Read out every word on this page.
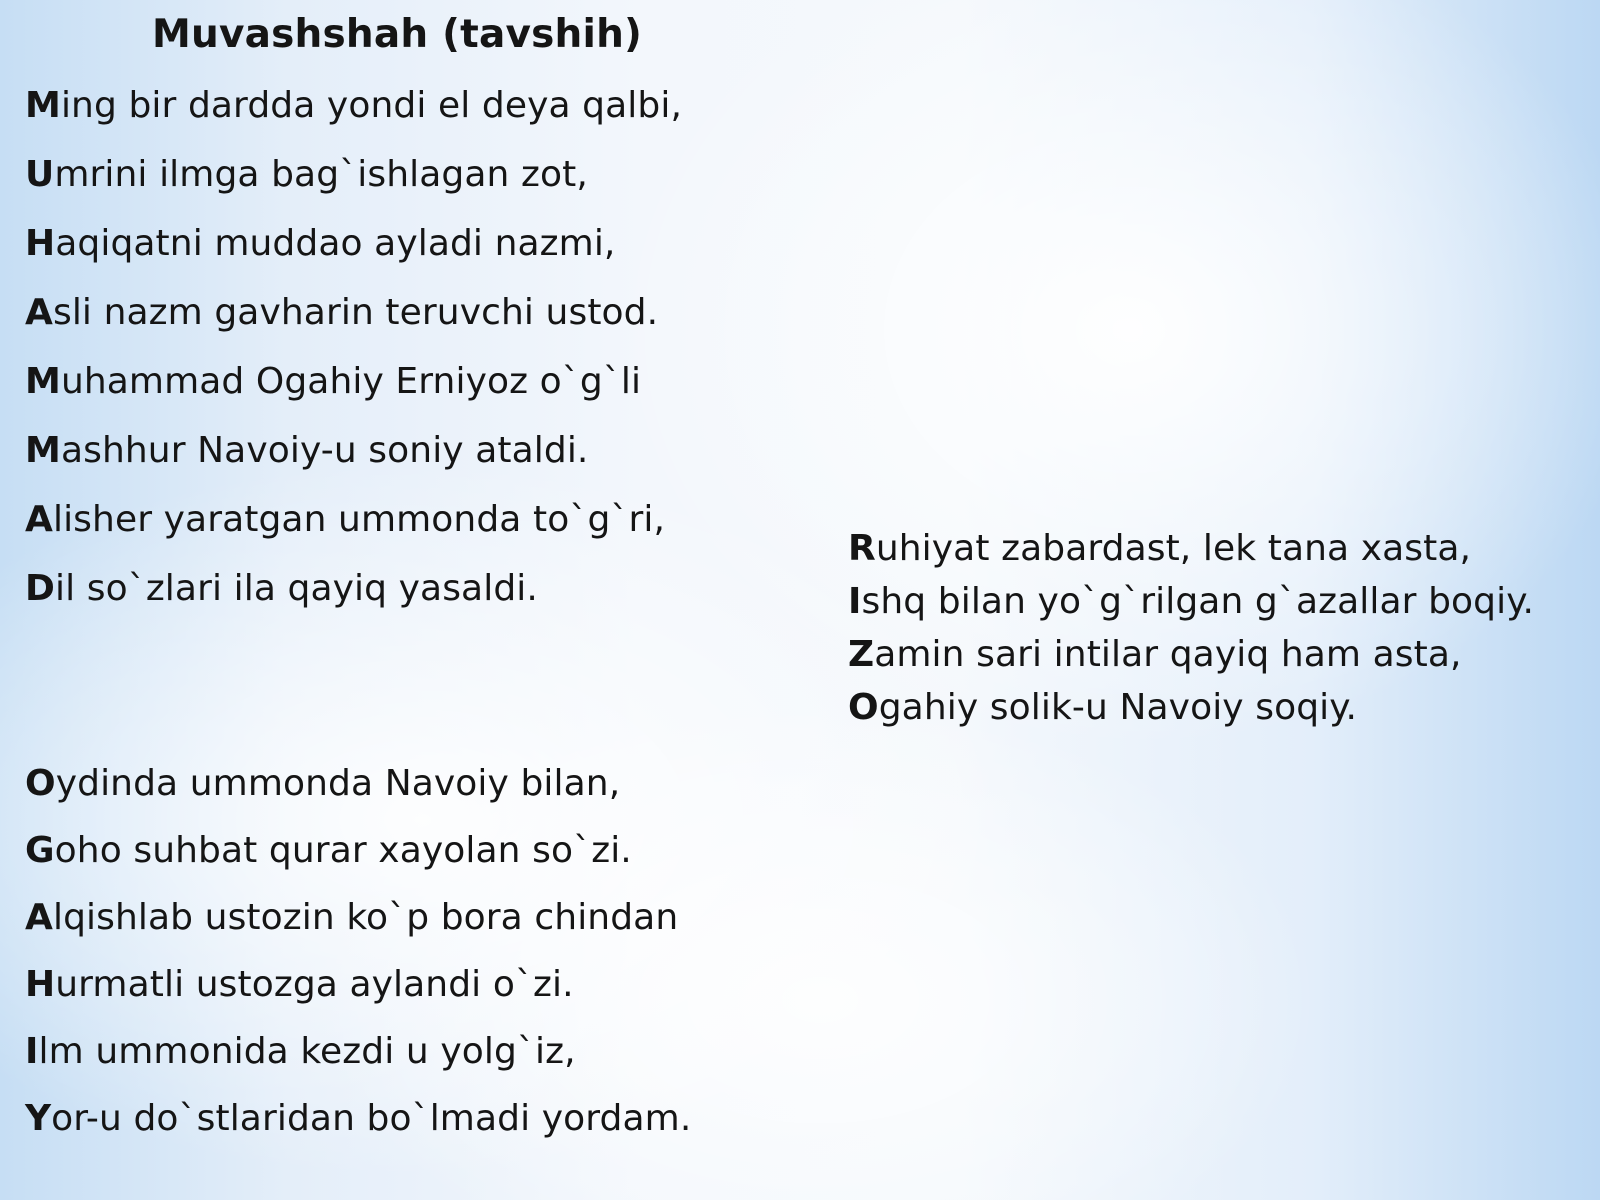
Muvashshah (tavshih)
Ming bir dardda yondi el deya qalbi,
Umrini ilmga bag`ishlagan zot,
Haqiqatni muddao ayladi nazmi,
Asli nazm gavharin teruvchi ustod.
Muhammad Ogahiy Erniyoz o`g`li
Mashhur Navoiy-u soniy ataldi.
Alisher yaratgan ummonda to`g`ri,
Dil so`zlari ila qayiq yasaldi.
Oydinda ummonda Navoiy bilan,
Goho suhbat qurar xayolan so`zi.
Alqishlab ustozin ko`p bora chindan
Hurmatli ustozga aylandi o`zi.
Ilm ummonida kezdi u yolg`iz,
Yor-u do`stlaridan bo`lmadi yordam.
Ruhiyat zabardast, lek tana xasta,
Ishq bilan yo`g`rilgan g`azallar boqiy.
Zamin sari intilar qayiq ham asta,
Ogahiy solik-u Navoiy soqiy.
